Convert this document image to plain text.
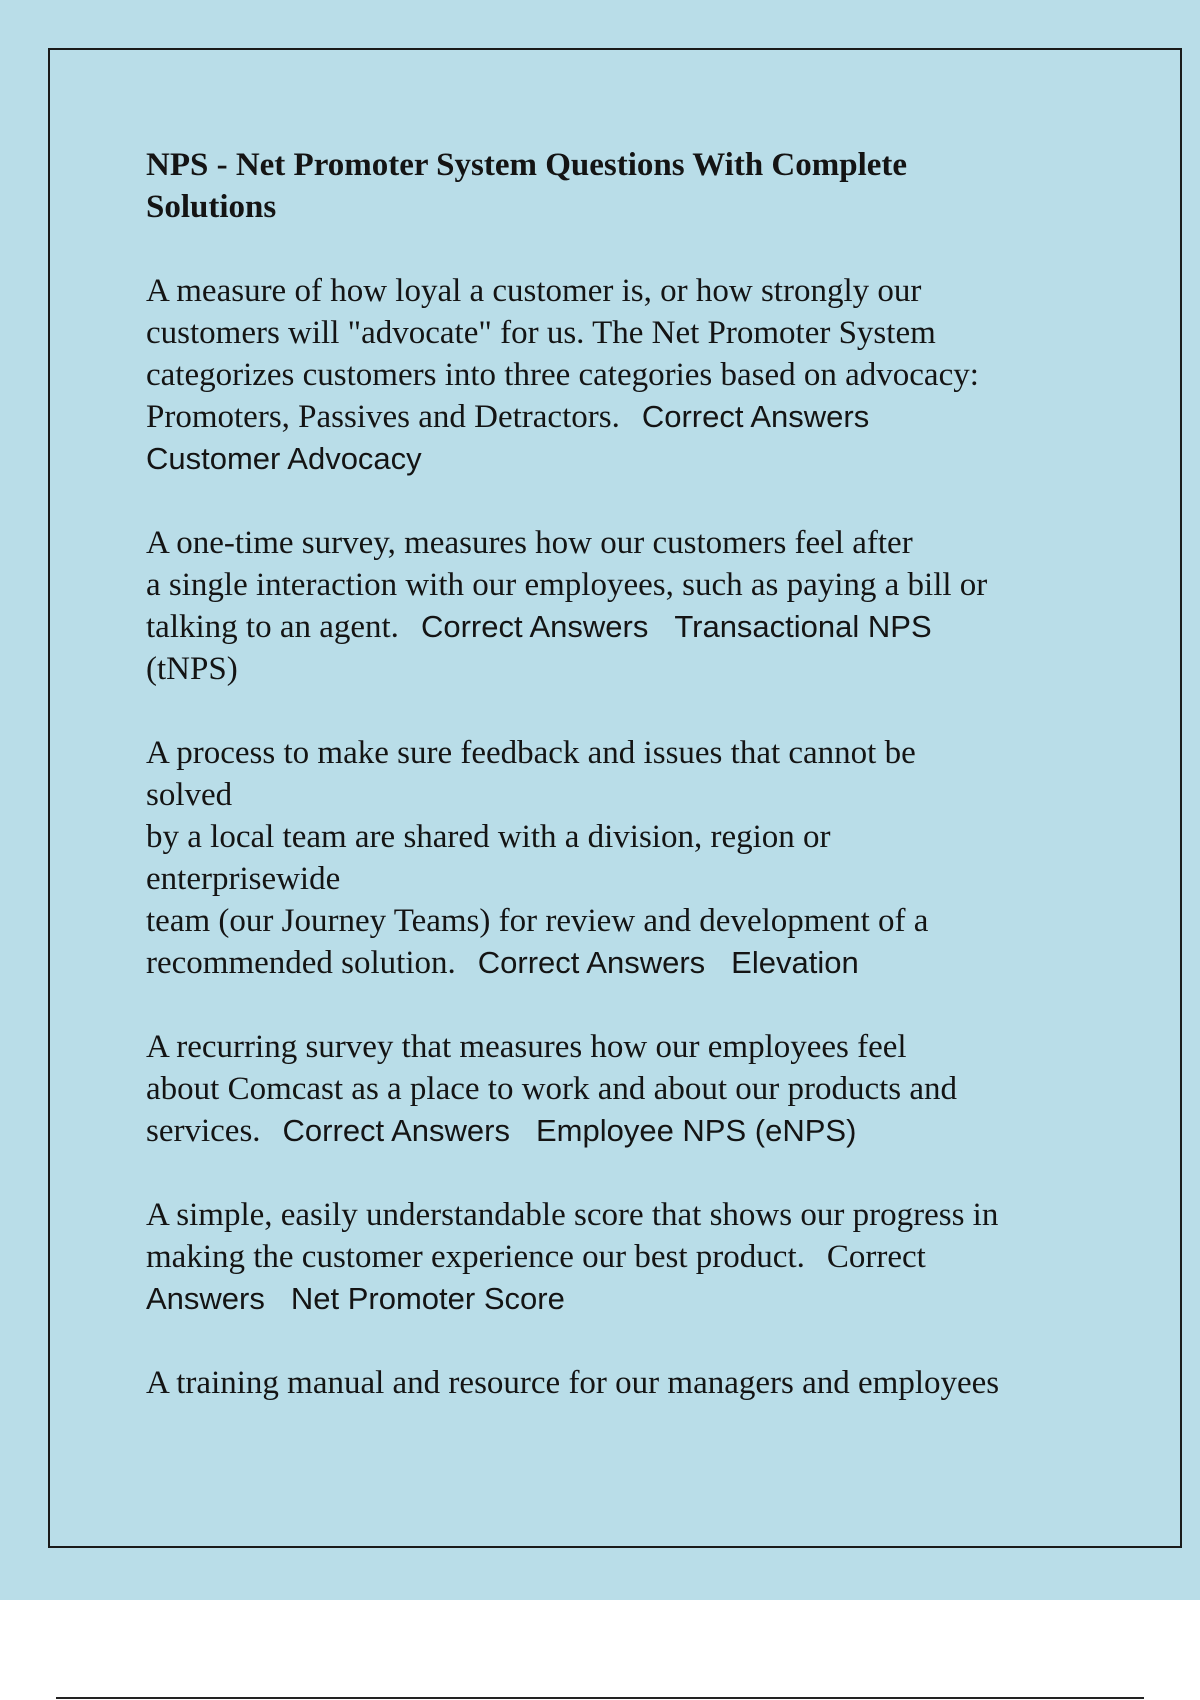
NPS - Net Promoter System Questions With Complete
Solutions
A measure of how loyal a customer is, or how strongly our
customers will "advocate" for us. The Net Promoter System
categorizes customers into three categories based on advocacy:
Promoters, Passives and Detractors. Correct Answers
Customer Advocacy
A one-time survey, measures how our customers feel after
a single interaction with our employees, such as paying a bill or
talking to an agent. Correct Answers Transactional NPS
(tNPS)
A process to make sure feedback and issues that cannot be
solved
by a local team are shared with a division, region or
enterprisewide
team (our Journey Teams) for review and development of a
recommended solution. Correct Answers Elevation
A recurring survey that measures how our employees feel
about Comcast as a place to work and about our products and
services. Correct Answers Employee NPS (eNPS)
A simple, easily understandable score that shows our progress in
making the customer experience our best product. Correct
Answers Net Promoter Score
A training manual and resource for our managers and employees
